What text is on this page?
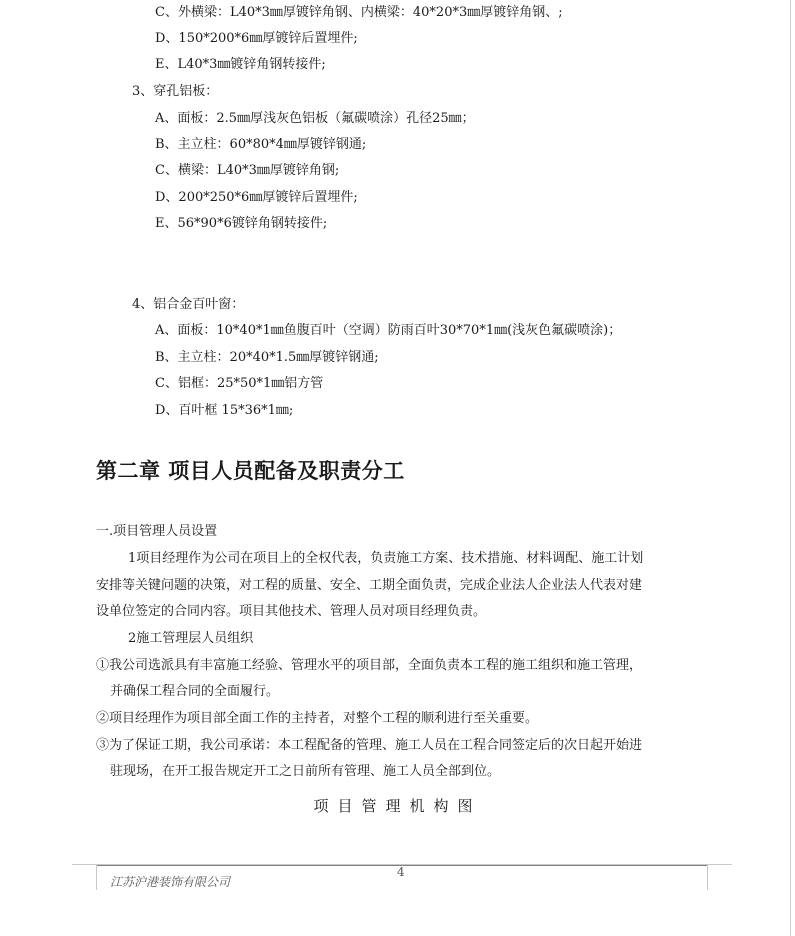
C、外横梁：L40*3㎜厚镀锌角钢、内横梁：40*20*3㎜厚镀锌角钢、;
D、150*200*6㎜厚镀锌后置埋件;
E、L40*3㎜镀锌角钢转接件;
3、穿孔铝板：
A、面板：2.5㎜厚浅灰色铝板（氟碳喷涂）孔径25㎜；
B、主立柱：60*80*4㎜厚镀锌钢通;
C、横梁：L40*3㎜厚镀锌角钢;
D、200*250*6㎜厚镀锌后置埋件;
E、56*90*6镀锌角钢转接件;
4、铝合金百叶窗：
A、面板：10*40*1㎜鱼腹百叶（空调）防雨百叶30*70*1㎜(浅灰色氟碳喷涂)；
B、主立柱：20*40*1.5㎜厚镀锌钢通;
C、铝框：25*50*1㎜铝方管
D、百叶框 15*36*1㎜;
第二章 项目人员配备及职责分工
一.项目管理人员设置
1项目经理作为公司在项目上的全权代表，负责施工方案、技术措施、材料调配、施工计划
安排等关键问题的决策，对工程的质量、安全、工期全面负责，完成企业法人企业法人代表对建
设单位签定的合同内容。项目其他技术、管理人员对项目经理负责。
2施工管理层人员组织
①我公司选派具有丰富施工经验、管理水平的项目部，全面负责本工程的施工组织和施工管理，
并确保工程合同的全面履行。
②项目经理作为项目部全面工作的主持者，对整个工程的顺利进行至关重要。
③为了保证工期，我公司承诺：本工程配备的管理、施工人员在工程合同签定后的次日起开始进
驻现场，在开工报告规定开工之日前所有管理、施工人员全部到位。
项目管理机构图
4
江苏沪港装饰有限公司
